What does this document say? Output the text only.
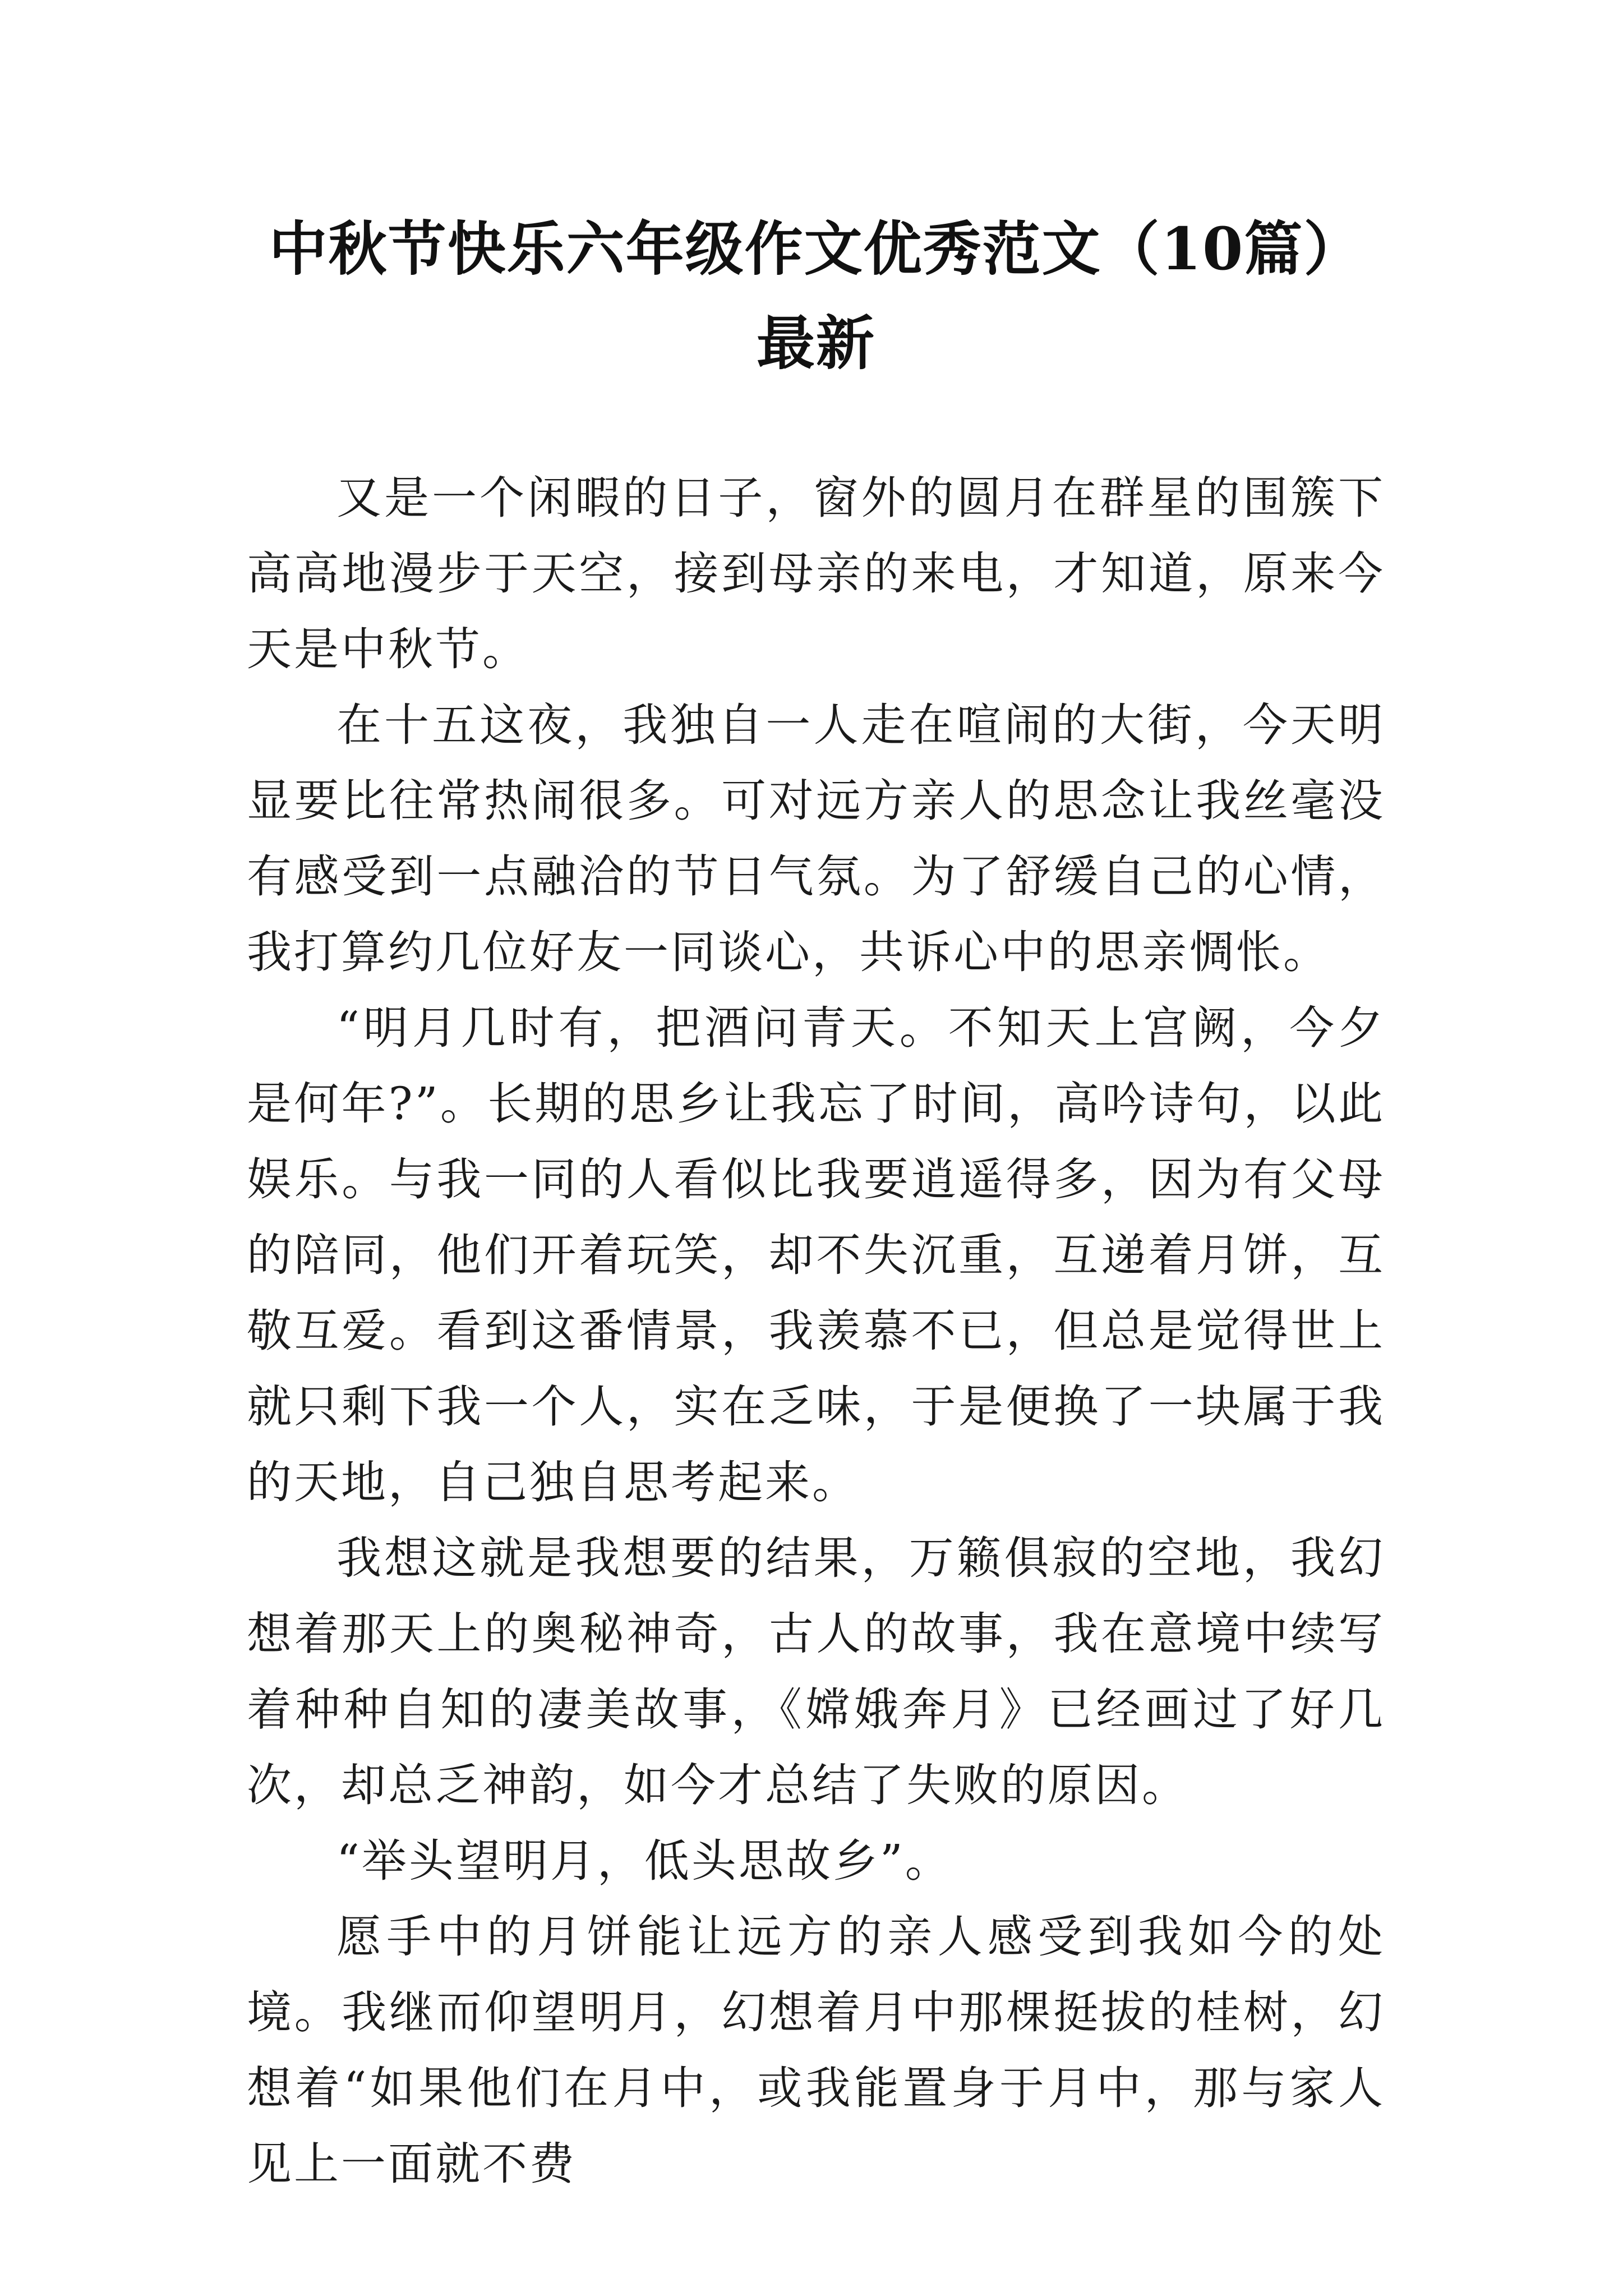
中秋节快乐六年级作文优秀范文（10篇）最新

又是一个闲暇的日子，窗外的圆月在群星的围簇下高高地漫步于天空，接到母亲的来电，才知道，原来今天是中秋节。

在十五这夜，我独自一人走在喧闹的大街，今天明显要比往常热闹很多。可对远方亲人的思念让我丝毫没有感受到一点融洽的节日气氛。为了舒缓自己的心情，我打算约几位好友一同谈心，共诉心中的思亲惆怅。

“明月几时有，把酒问青天。不知天上宫阙，今夕是何年?”。长期的思乡让我忘了时间，高吟诗句，以此娱乐。与我一同的人看似比我要逍遥得多，因为有父母的陪同，他们开着玩笑，却不失沉重，互递着月饼，互敬互爱。看到这番情景，我羡慕不已，但总是觉得世上就只剩下我一个人，实在乏味，于是便换了一块属于我的天地，自己独自思考起来。

我想这就是我想要的结果，万籁俱寂的空地，我幻想着那天上的奥秘神奇，古人的故事，我在意境中续写着种种自知的凄美故事，《嫦娥奔月》已经画过了好几次，却总乏神韵，如今才总结了失败的原因。

“举头望明月，低头思故乡”。

愿手中的月饼能让远方的亲人感受到我如今的处境。我继而仰望明月，幻想着月中那棵挺拔的桂树，幻想着“如果他们在月中，或我能置身于月中，那与家人见上一面就不费
